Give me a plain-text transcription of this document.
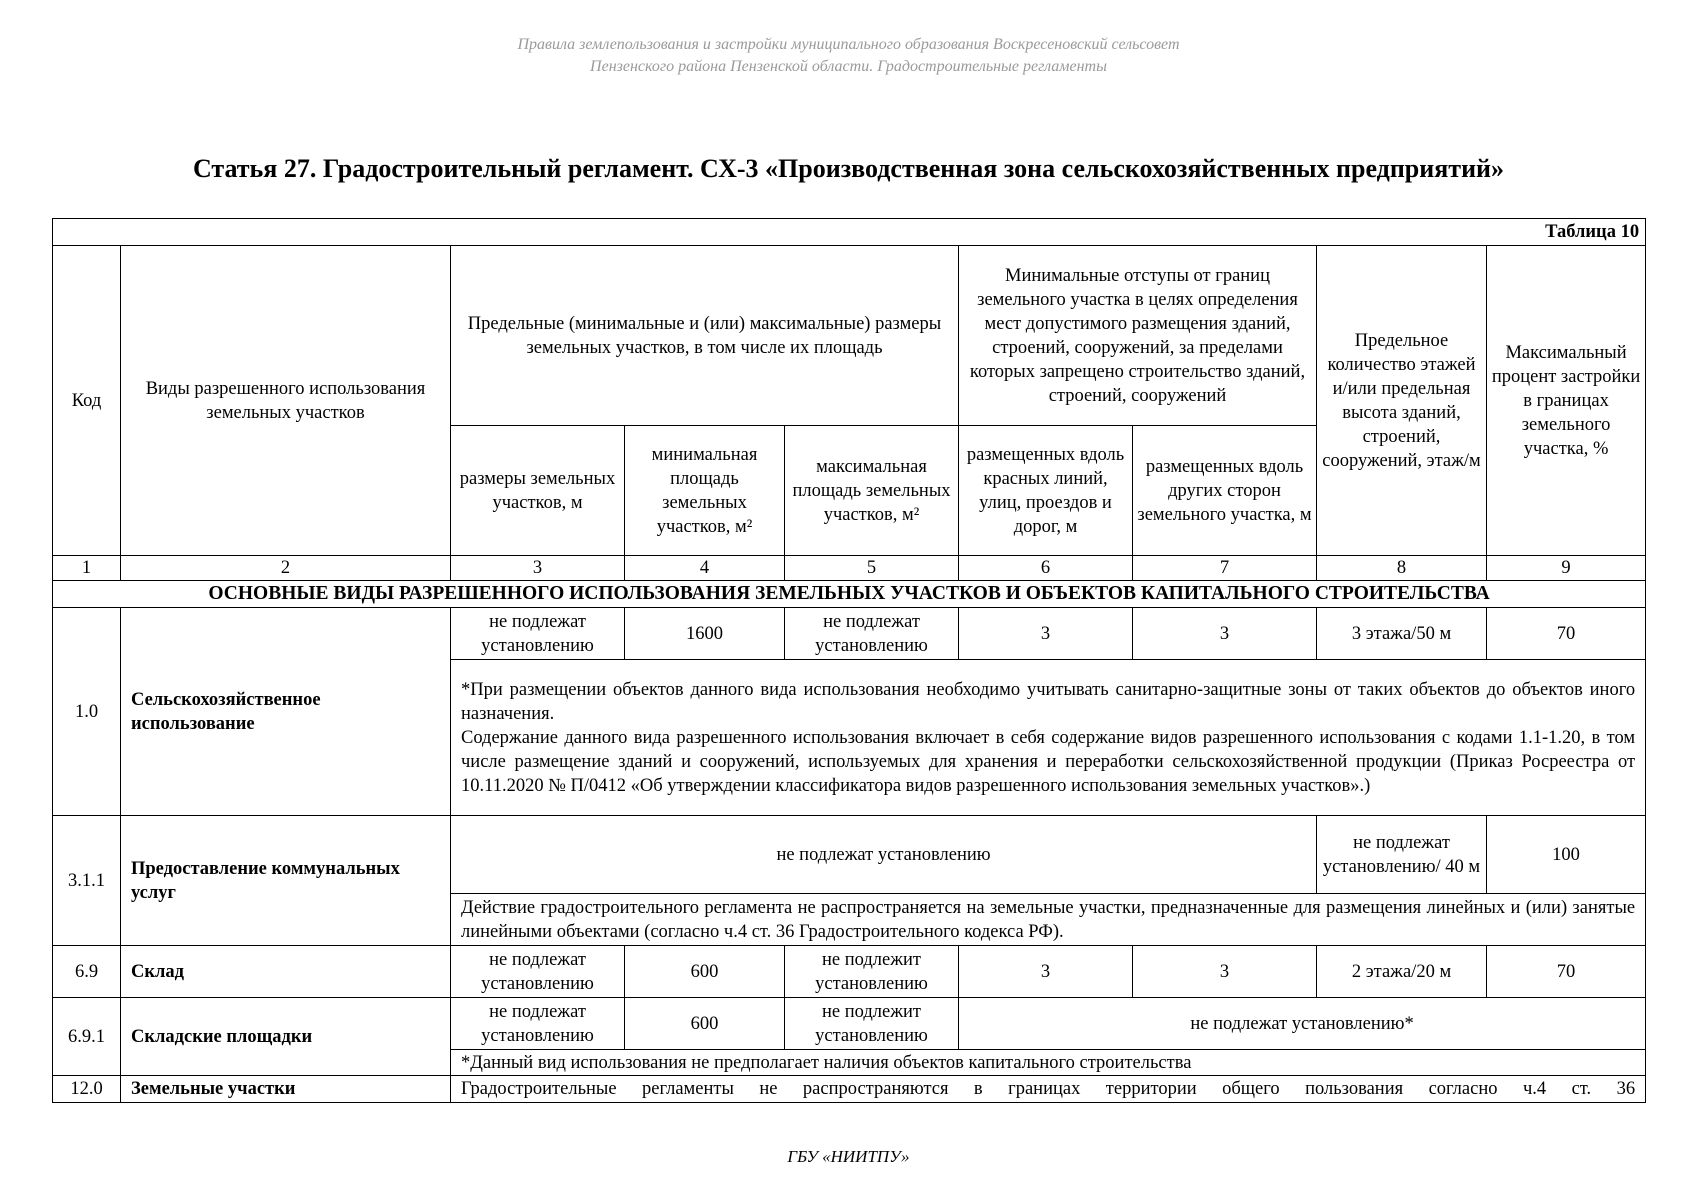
Правила землепользования и застройки муниципального образования Воскресеновский сельсовет
Пензенского района Пензенской области. Градостроительные регламенты
Статья 27. Градостроительный регламент. СХ-3 «Производственная зона сельскохозяйственных предприятий»
Таблица 10								
Код	Виды разрешенного использования земельных участков	Предельные (минимальные и (или) максимальные) размеры земельных участков, в том числе их площадь			Минимальные отступы от границ земельного участка в целях определения мест допустимого размещения зданий, строений, сооружений, за пределами которых запрещено строительство зданий, строений, сооружений		Предельное количество этажей и/или предельная высота зданий, строений, сооружений, этаж/м	Максимальный процент застройки в границах земельного участка, %
		размеры земельных участков, м	минимальная площадь земельных участков, м²	максимальная площадь земельных участков, м²	размещенных вдоль красных линий, улиц, проездов и дорог, м	размещенных вдоль других сторон земельного участка, м		
1	2	3	4	5	6	7	8	9
ОСНОВНЫЕ ВИДЫ РАЗРЕШЕННОГО ИСПОЛЬЗОВАНИЯ ЗЕМЕЛЬНЫХ УЧАСТКОВ И ОБЪЕКТОВ КАПИТАЛЬНОГО СТРОИТЕЛЬСТВА								
1.0	Сельскохозяйственное использование	не подлежат установлению	1600	не подлежат установлению	3	3	3 этажа/50 м	70

		*При размещении объектов данного вида использования необходимо учитывать санитарно-защитные зоны от таких объектов до объектов иного назначения.
Содержание данного вида разрешенного использования включает в себя содержание видов разрешенного использования с кодами 1.1-1.20, в том числе размещение зданий и сооружений, используемых для хранения и переработки сельскохозяйственной продукции (Приказ Росреестра от 10.11.2020 № П/0412 «Об утверждении классификатора видов разрешенного использования земельных участков».)						

3.1.1	Предоставление коммунальных услуг	не подлежат установлению					не подлежат установлению/ 40 м	100
		Действие градостроительного регламента не распространяется на земельные участки, предназначенные для размещения линейных и (или) занятые линейными объектами (согласно ч.4 ст. 36 Градостроительного кодекса РФ).						
6.9	Склад	не подлежат установлению	600	не подлежит установлению	3	3	2 этажа/20 м	70
6.9.1	Складские площадки	не подлежат установлению	600	не подлежит установлению	не подлежат установлению*			
		*Данный вид использования не предполагает наличия объектов капитального строительства						
12.0	Земельные участки	Градостроительные регламенты не распространяются в границах территории общего пользования согласно ч.4 ст. 36						
ГБУ «НИИТПУ»
